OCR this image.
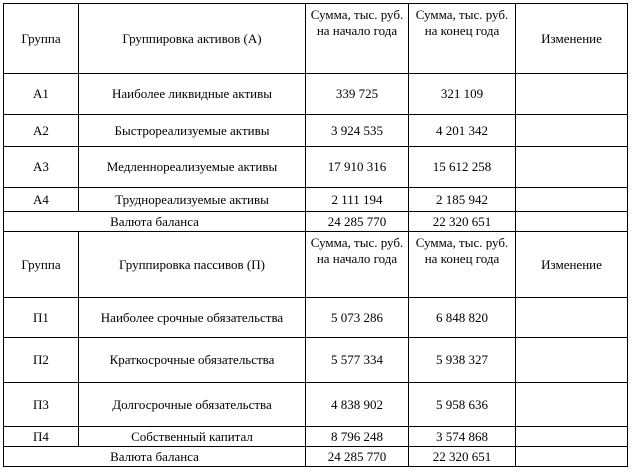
Группа	Группировка активов (А)	Сумма, тыс. руб. на начало года	Сумма, тыс. руб. на конец года	Изменение
А1	Наиболее ликвидные активы	339 725	321 109	
А2	Быстрореализуемые активы	3 924 535	4 201 342	
А3	Медленнореализуемые активы	17 910 316	15 612 258	
А4	Труднореализуемые активы	2 111 194	2 185 942	
Валюта баланса		24 285 770	22 320 651	
Группа	Группировка пассивов (П)	Сумма, тыс. руб. на начало года	Сумма, тыс. руб. на конец года	Изменение
П1	Наиболее срочные обязательства	5 073 286	6 848 820	
П2	Краткосрочные обязательства	5 577 334	5 938 327	
П3	Долгосрочные обязательства	4 838 902	5 958 636	
П4	Собственный капитал	8 796 248	3 574 868	
Валюта баланса		24 285 770	22 320 651	
